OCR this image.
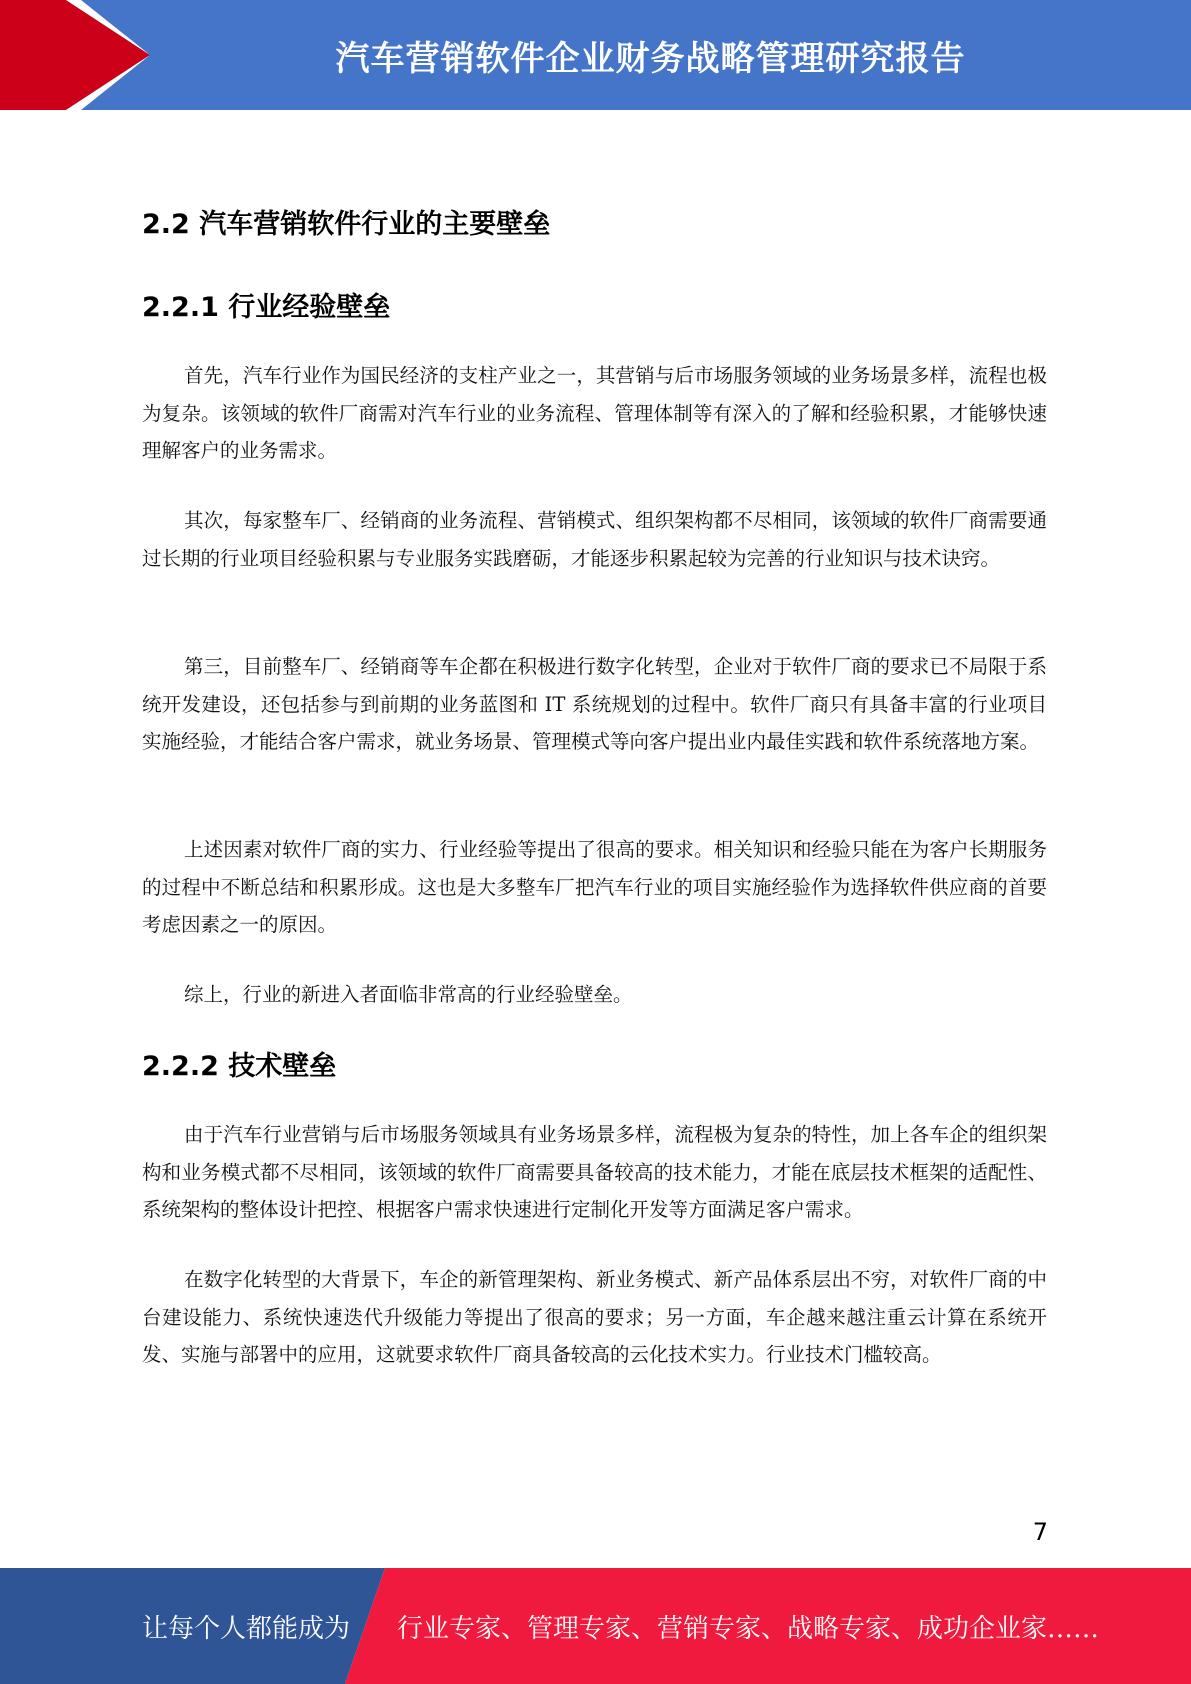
汽车营销软件企业财务战略管理研究报告
2.2 汽车营销软件行业的主要壁垒
2.2.1 行业经验壁垒

首先，汽车行业作为国民经济的支柱产业之一，其营销与后市场服务领域的业务场景多样，流程也极为复杂。该领域的软件厂商需对汽车行业的业务流程、管理体制等有深入的了解和经验积累，才能够快速理解客户的业务需求。

其次，每家整车厂、经销商的业务流程、营销模式、组织架构都不尽相同，该领域的软件厂商需要通过长期的行业项目经验积累与专业服务实践磨砺，才能逐步积累起较为完善的行业知识与技术诀窍。

第三，目前整车厂、经销商等车企都在积极进行数字化转型，企业对于软件厂商的要求已不局限于系统开发建设，还包括参与到前期的业务蓝图和 IT 系统规划的过程中。软件厂商只有具备丰富的行业项目实施经验，才能结合客户需求，就业务场景、管理模式等向客户提出业内最佳实践和软件系统落地方案。

上述因素对软件厂商的实力、行业经验等提出了很高的要求。相关知识和经验只能在为客户长期服务的过程中不断总结和积累形成。这也是大多整车厂把汽车行业的项目实施经验作为选择软件供应商的首要考虑因素之一的原因。

综上，行业的新进入者面临非常高的行业经验壁垒。

2.2.2 技术壁垒

由于汽车行业营销与后市场服务领域具有业务场景多样，流程极为复杂的特性，加上各车企的组织架构和业务模式都不尽相同，该领域的软件厂商需要具备较高的技术能力，才能在底层技术框架的适配性、系统架构的整体设计把控、根据客户需求快速进行定制化开发等方面满足客户需求。

在数字化转型的大背景下，车企的新管理架构、新业务模式、新产品体系层出不穷，对软件厂商的中台建设能力、系统快速迭代升级能力等提出了很高的要求；另一方面，车企越来越注重云计算在系统开发、实施与部署中的应用，这就要求软件厂商具备较高的云化技术实力。行业技术门槛较高。

7
让每个人都能成为 行业专家、管理专家、营销专家、战略专家、成功企业家……
